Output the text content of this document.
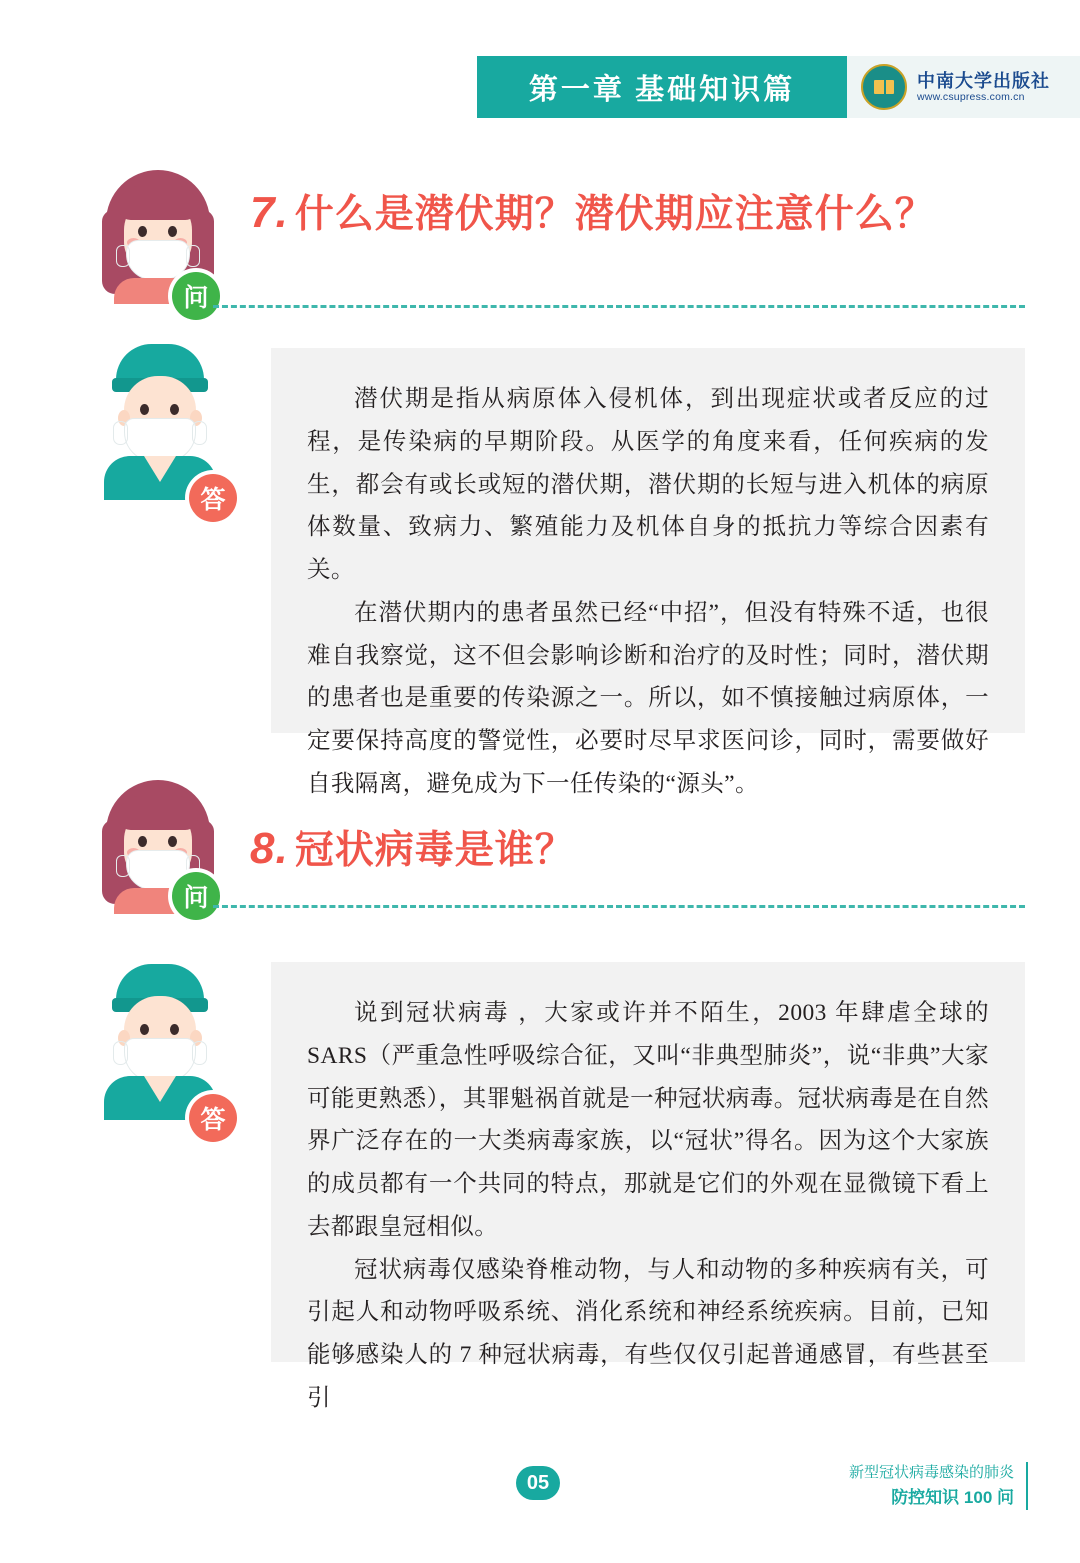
第一章 基础知识篇	中南大学出版社
www.csupress.com.cn
问
7. 什么是潜伏期？潜伏期应注意什么？
答

潜伏期是指从病原体入侵机体，到出现症状或者反应的过程，是传染病的早期阶段。从医学的角度来看，任何疾病的发生，都会有或长或短的潜伏期，潜伏期的长短与进入机体的病原体数量、致病力、繁殖能力及机体自身的抵抗力等综合因素有关。

在潜伏期内的患者虽然已经“中招”，但没有特殊不适，也很难自我察觉，这不但会影响诊断和治疗的及时性；同时，潜伏期的患者也是重要的传染源之一。所以，如不慎接触过病原体，一定要保持高度的警觉性，必要时尽早求医问诊，同时，需要做好自我隔离，避免成为下一任传染的“源头”。

问
8. 冠状病毒是谁？
答

说到冠状病毒 ，大家或许并不陌生，2003 年肆虐全球的 SARS（严重急性呼吸综合征，又叫“非典型肺炎”，说“非典”大家可能更熟悉），其罪魁祸首就是一种冠状病毒。冠状病毒是在自然界广泛存在的一大类病毒家族，以“冠状”得名。因为这个大家族的成员都有一个共同的特点，那就是它们的外观在显微镜下看上去都跟皇冠相似。

冠状病毒仅感染脊椎动物，与人和动物的多种疾病有关，可引起人和动物呼吸系统、消化系统和神经系统疾病。目前，已知能够感染人的 7 种冠状病毒，有些仅仅引起普通感冒，有些甚至引

05	新型冠状病毒感染的肺炎
防控知识 100 问
